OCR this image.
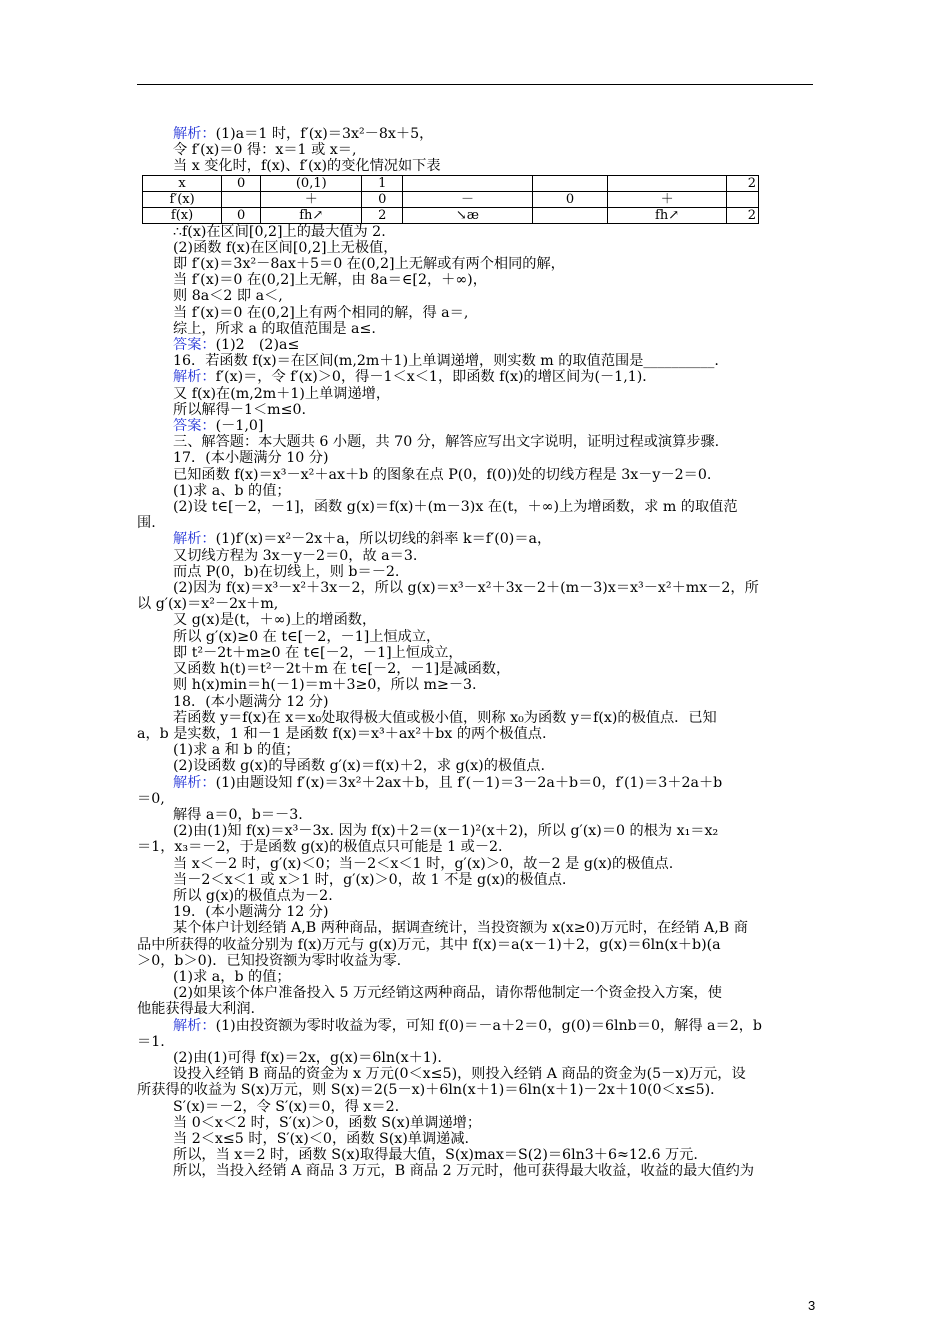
解析：(1)a＝1 时，f′(x)＝3x²－8x＋5，
令 f′(x)＝0 得：x＝1 或 x＝,
当 x 变化时，f(x)、f′(x)的变化情况如下表
x	0	(0,1)	1				2
f′(x)		＋	0	－	0	＋	
f(x)	0	fh↗	2	↘æ		fh↗	2
∴f(x)在区间[0,2]上的最大值为 2.
(2)函数 f(x)在区间[0,2]上无极值，
即 f′(x)＝3x²－8ax＋5＝0 在(0,2]上无解或有两个相同的解，
当 f′(x)＝0 在(0,2]上无解，由 8a＝∈[2，＋∞)，
则 8a＜2 即 a＜,
当 f′(x)＝0 在(0,2]上有两个相同的解，得 a＝,
综上，所求 a 的取值范围是 a≤.
答案：(1)2　(2)a≤
16．若函数 f(x)＝在区间(m,2m＋1)上单调递增，则实数 m 的取值范围是__________.
解析：f′(x)＝，令 f′(x)＞0，得－1＜x＜1，即函数 f(x)的增区间为(－1,1)．
又 f(x)在(m,2m＋1)上单调递增，
所以解得－1＜m≤0.
答案：(－1,0]
三、解答题：本大题共 6 小题，共 70 分，解答应写出文字说明，证明过程或演算步骤.
17．(本小题满分 10 分)
已知函数 f(x)＝x³－x²＋ax＋b 的图象在点 P(0，f(0))处的切线方程是 3x－y－2＝0.
(1)求 a、b 的值；
(2)设 t∈[－2，－1]，函数 g(x)＝f(x)＋(m－3)x 在(t，＋∞)上为增函数，求 m 的取值范
围.
解析：(1)f′(x)＝x²－2x＋a，所以切线的斜率 k＝f′(0)＝a，
又切线方程为 3x－y－2＝0，故 a＝3.
而点 P(0，b)在切线上，则 b＝－2.
(2)因为 f(x)＝x³－x²＋3x－2，所以 g(x)＝x³－x²＋3x－2＋(m－3)x＝x³－x²＋mx－2，所
以 g′(x)＝x²－2x＋m,
又 g(x)是(t，＋∞)上的增函数，
所以 g′(x)≥0 在 t∈[－2，－1]上恒成立，
即 t²－2t＋m≥0 在 t∈[－2，－1]上恒成立，
又函数 h(t)＝t²－2t＋m 在 t∈[－2，－1]是减函数，
则 h(x)min＝h(－1)＝m＋3≥0，所以 m≥－3.
18．(本小题满分 12 分)
若函数 y＝f(x)在 x＝x₀处取得极大值或极小值，则称 x₀为函数 y＝f(x)的极值点．已知
a，b 是实数，1 和－1 是函数 f(x)＝x³＋ax²＋bx 的两个极值点.
(1)求 a 和 b 的值；
(2)设函数 g(x)的导函数 g′(x)＝f(x)＋2，求 g(x)的极值点.
解析：(1)由题设知 f′(x)＝3x²＋2ax＋b，且 f′(－1)＝3－2a＋b＝0，f′(1)＝3＋2a＋b
＝0,
解得 a＝0，b＝－3.
(2)由(1)知 f(x)＝x³－3x. 因为 f(x)＋2＝(x－1)²(x＋2)，所以 g′(x)＝0 的根为 x₁＝x₂
＝1，x₃＝－2，于是函数 g(x)的极值点只可能是 1 或－2.
当 x＜－2 时，g′(x)＜0；当－2＜x＜1 时，g′(x)＞0，故－2 是 g(x)的极值点.
当－2＜x＜1 或 x＞1 时，g′(x)＞0，故 1 不是 g(x)的极值点.
所以 g(x)的极值点为－2.
19．(本小题满分 12 分)
某个体户计划经销 A,B 两种商品，据调查统计，当投资额为 x(x≥0)万元时，在经销 A,B 商
品中所获得的收益分别为 f(x)万元与 g(x)万元，其中 f(x)＝a(x－1)＋2，g(x)＝6ln(x＋b)(a
＞0，b＞0)．已知投资额为零时收益为零.
(1)求 a，b 的值；
(2)如果该个体户准备投入 5 万元经销这两种商品，请你帮他制定一个资金投入方案，使
他能获得最大利润.
解析：(1)由投资额为零时收益为零，可知 f(0)＝－a＋2＝0，g(0)＝6lnb＝0，解得 a＝2，b
＝1.
(2)由(1)可得 f(x)＝2x，g(x)＝6ln(x＋1).
设投入经销 B 商品的资金为 x 万元(0＜x≤5)，则投入经销 A 商品的资金为(5－x)万元，设
所获得的收益为 S(x)万元，则 S(x)＝2(5－x)＋6ln(x＋1)＝6ln(x＋1)－2x＋10(0＜x≤5)．
S′(x)＝－2，令 S′(x)＝0，得 x＝2.
当 0＜x＜2 时，S′(x)＞0，函数 S(x)单调递增；
当 2＜x≤5 时，S′(x)＜0，函数 S(x)单调递减.
所以，当 x＝2 时，函数 S(x)取得最大值，S(x)max＝S(2)＝6ln3＋6≈12.6 万元.
所以，当投入经销 A 商品 3 万元，B 商品 2 万元时，他可获得最大收益，收益的最大值约为
3
